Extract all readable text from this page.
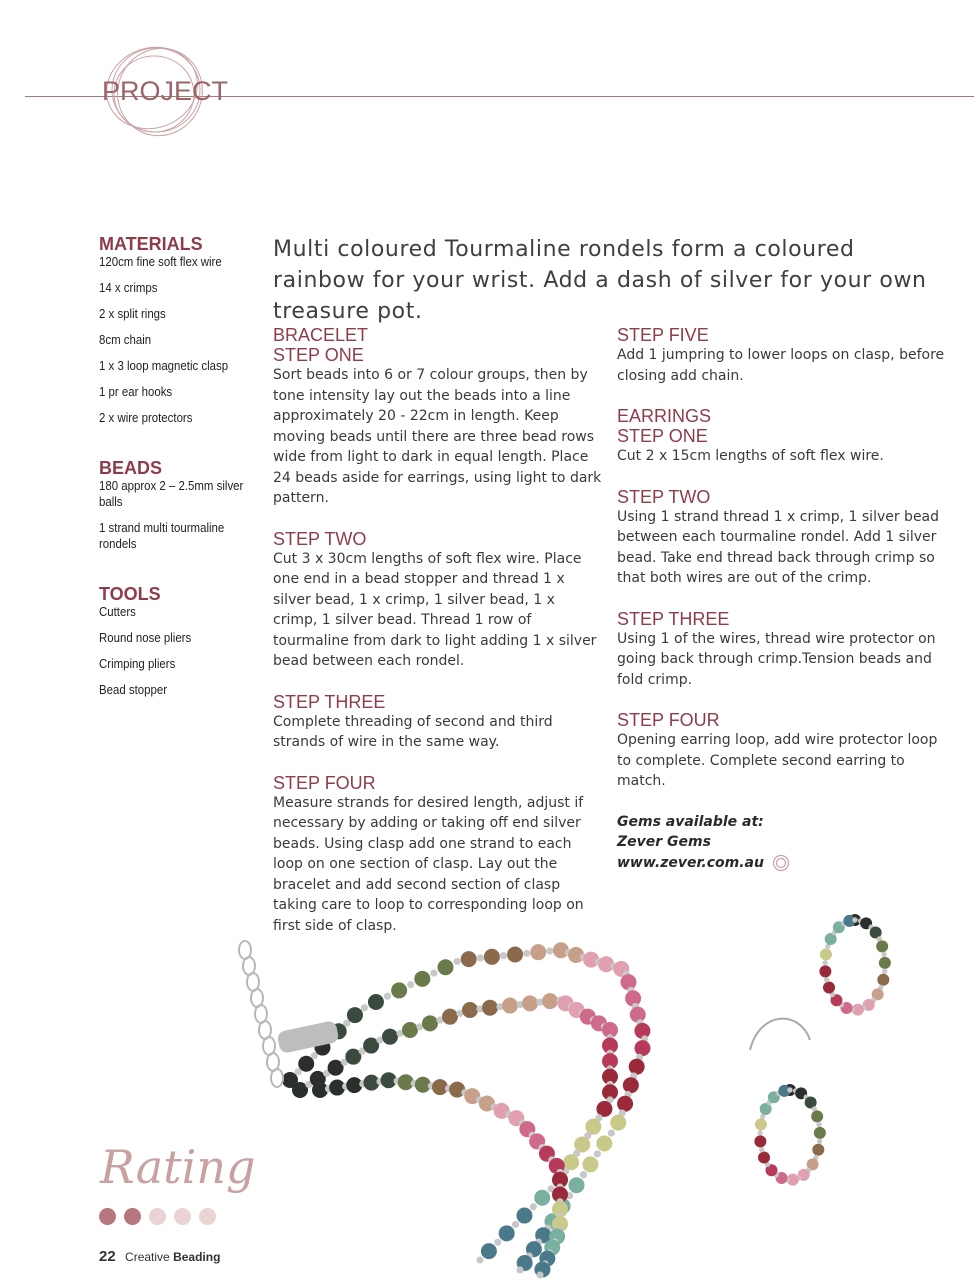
PROJECT
MATERIALS
120cm fine soft flex wire
14 x crimps
2 x split rings
8cm chain
1 x 3 loop magnetic clasp
1 pr ear hooks
2 x wire protectors
BEADS
180 approx 2 – 2.5mm silver balls
1 strand multi tourmaline rondels
TOOLS
Cutters
Round nose pliers
Crimping pliers
Bead stopper
Multi coloured Tourmaline rondels form a coloured rainbow for your wrist. Add a dash of silver for your own treasure pot.

BRACELET

STEP ONE

Sort beads into 6 or 7 colour groups, then by tone intensity lay out the beads into a line approximately 20 - 22cm in length. Keep moving beads until there are three bead rows wide from light to dark in equal length. Place 24 beads aside for earrings, using light to dark pattern.

STEP TWO

Cut 3 x 30cm lengths of soft flex wire. Place one end in a bead stopper and thread 1 x silver bead, 1 x crimp, 1 silver bead, 1 x crimp, 1 silver bead. Thread 1 row of tourmaline from dark to light adding 1 x silver bead between each rondel.

STEP THREE

Complete threading of second and third strands of wire in the same way.

STEP FOUR

Measure strands for desired length, adjust if necessary by adding or taking off end silver beads. Using clasp add one strand to each loop on one section of clasp. Lay out the bracelet and add second section of clasp taking care to loop to corresponding loop on first side of clasp.

STEP FIVE

Add 1 jumpring to lower loops on clasp, before closing add chain.

EARRINGS

STEP ONE

Cut 2 x 15cm lengths of soft flex wire.

STEP TWO

Using 1 strand thread 1 x crimp, 1 silver bead between each tourmaline rondel. Add 1 silver bead. Take end thread back through crimp so that both wires are out of the crimp.

STEP THREE

Using 1 of the wires, thread wire protector on going back through crimp.Tension beads and fold crimp.

STEP FOUR

Opening earring loop, add wire protector loop to complete. Complete second earring to match.

Gems available at:
Zever Gems
www.zever.com.au
Rating
22 Creative Beading
